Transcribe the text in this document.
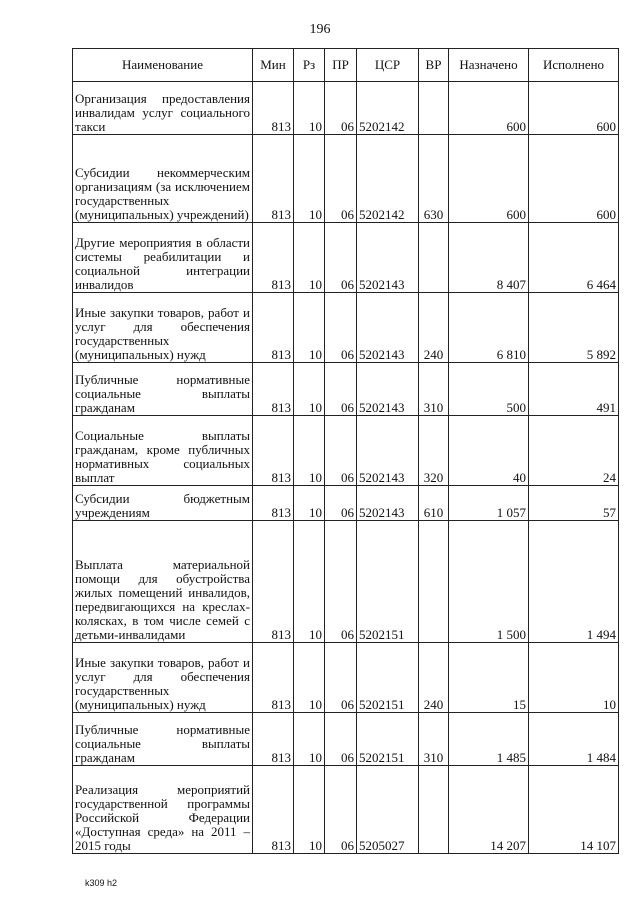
196
Наименование	Мин	Рз	ПР	ЦСР	ВР	Назначено	Исполнено
Организация предоставления инвалидам услуг социального такси	813	10	06	5202142		600	600
Субсидии некоммерческим организациям (за исключением государственных (муниципальных) учреждений)	813	10	06	5202142	630	600	600
Другие мероприятия в области системы реабилитации и социальной интеграции инвалидов	813	10	06	5202143		8 407	6 464
Иные закупки товаров, работ и услуг для обеспечения государственных (муниципальных) нужд	813	10	06	5202143	240	6 810	5 892
Публичные нормативные социальные выплаты гражданам	813	10	06	5202143	310	500	491
Социальные выплаты гражданам, кроме публичных нормативных социальных выплат	813	10	06	5202143	320	40	24
Субсидии бюджетным учреждениям	813	10	06	5202143	610	1 057	57
Выплата материальной помощи для обустройства жилых помещений инвалидов, передвигающихся на креслах-колясках, в том числе семей с детьми-инвалидами	813	10	06	5202151		1 500	1 494
Иные закупки товаров, работ и услуг для обеспечения государственных (муниципальных) нужд	813	10	06	5202151	240	15	10
Публичные нормативные социальные выплаты гражданам	813	10	06	5202151	310	1 485	1 484
Реализация мероприятий государственной программы Российской Федерации «Доступная среда» на 2011 – 2015 годы	813	10	06	5205027		14 207	14 107
k309 h2
